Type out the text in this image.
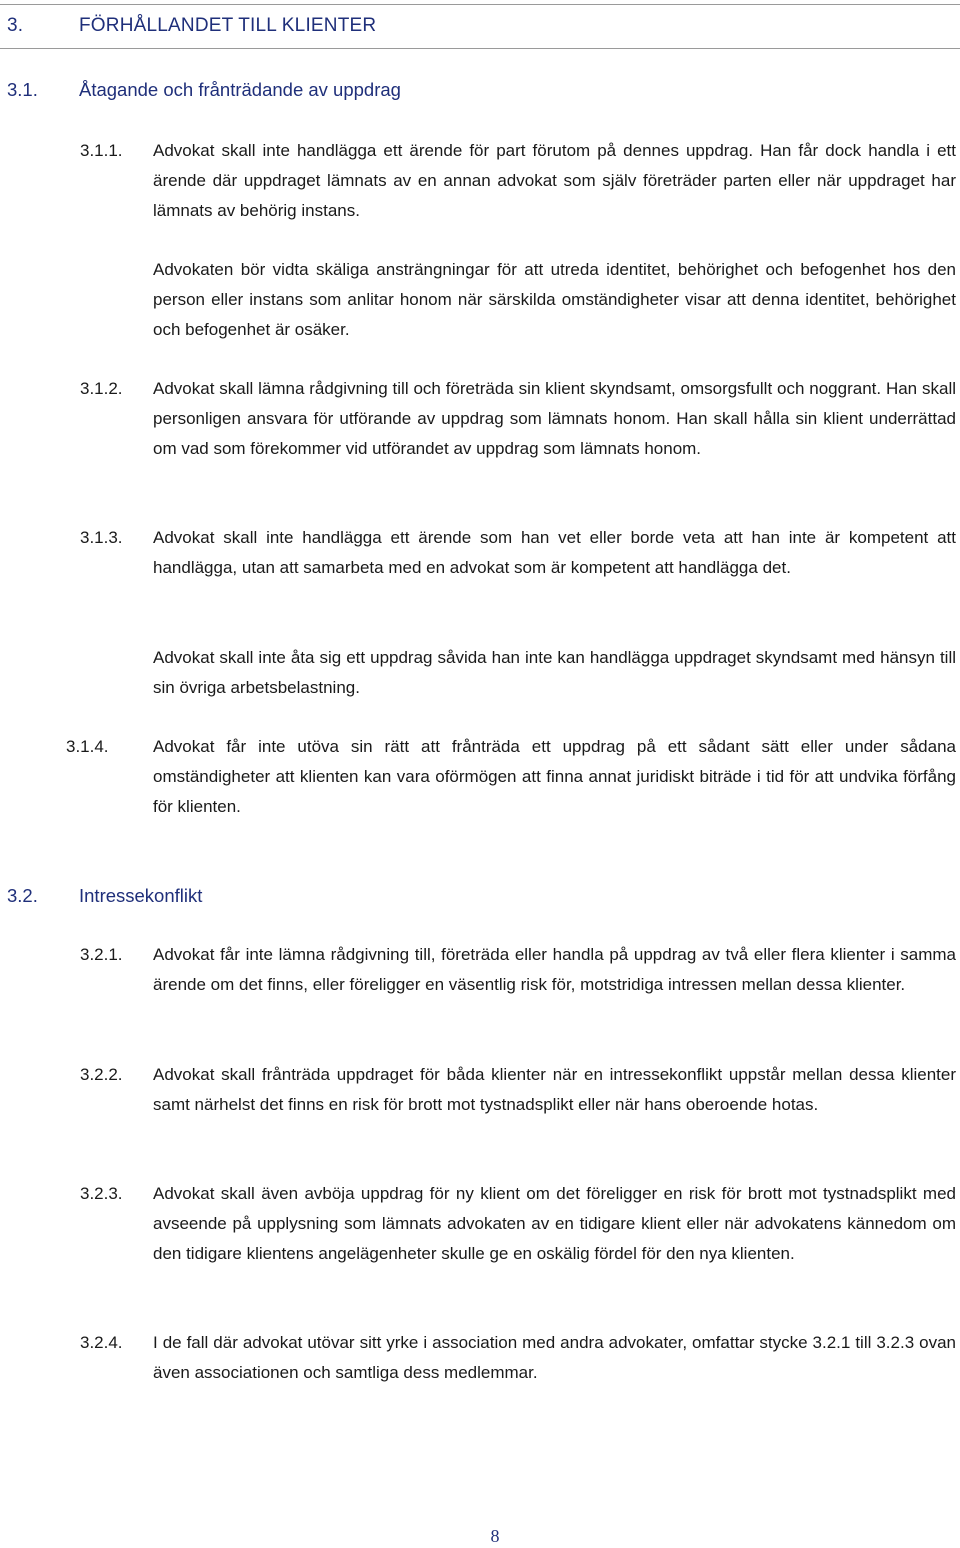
3.	FÖRHÅLLANDET TILL KLIENTER
3.1. Åtagande och frånträdande av uppdrag
3.1.1. Advokat skall inte handlägga ett ärende för part förutom på dennes uppdrag. Han får dock handla i ett ärende där uppdraget lämnats av en annan advokat som själv företräder parten eller när uppdraget har lämnats av behörig instans.
Advokaten bör vidta skäliga ansträngningar för att utreda identitet, behörighet och befogenhet hos den person eller instans som anlitar honom när särskilda omständigheter visar att denna identitet, behörighet och befogenhet är osäker.
3.1.2. Advokat skall lämna rådgivning till och företräda sin klient skyndsamt, omsorgsfullt och noggrant. Han skall personligen ansvara för utförande av uppdrag som lämnats honom. Han skall hålla sin klient underrättad om vad som förekommer vid utförandet av uppdrag som lämnats honom.
3.1.3. Advokat skall inte handlägga ett ärende som han vet eller borde veta att han inte är kompetent att handlägga, utan att samarbeta med en advokat som är kompetent att handlägga det.
Advokat skall inte åta sig ett uppdrag såvida han inte kan handlägga uppdraget skyndsamt med hänsyn till sin övriga arbetsbelastning.
3.1.4.	Advokat får inte utöva sin rätt att frånträda ett uppdrag på ett sådant sätt eller under sådana omständigheter att klienten kan vara oförmögen att finna annat juridiskt biträde i tid för att undvika förfång för klienten.
3.2. Intressekonflikt
3.2.1. Advokat får inte lämna rådgivning till, företräda eller handla på uppdrag av två eller flera klienter i samma ärende om det finns, eller föreligger en väsentlig risk för, motstridiga intressen mellan dessa klienter.
3.2.2. Advokat skall frånträda uppdraget för båda klienter när en intressekonflikt uppstår mellan dessa klienter samt närhelst det finns en risk för brott mot tystnadsplikt eller när hans oberoende hotas.
3.2.3. Advokat skall även avböja uppdrag för ny klient om det föreligger en risk för brott mot tystnadsplikt med avseende på upplysning som lämnats advokaten av en tidigare klient eller när advokatens kännedom om den tidigare klientens angelägenheter skulle ge en oskälig fördel för den nya klienten.
3.2.4. I de fall där advokat utövar sitt yrke i association med andra advokater, omfattar stycke 3.2.1 till 3.2.3 ovan även associationen och samtliga dess medlemmar.
8
